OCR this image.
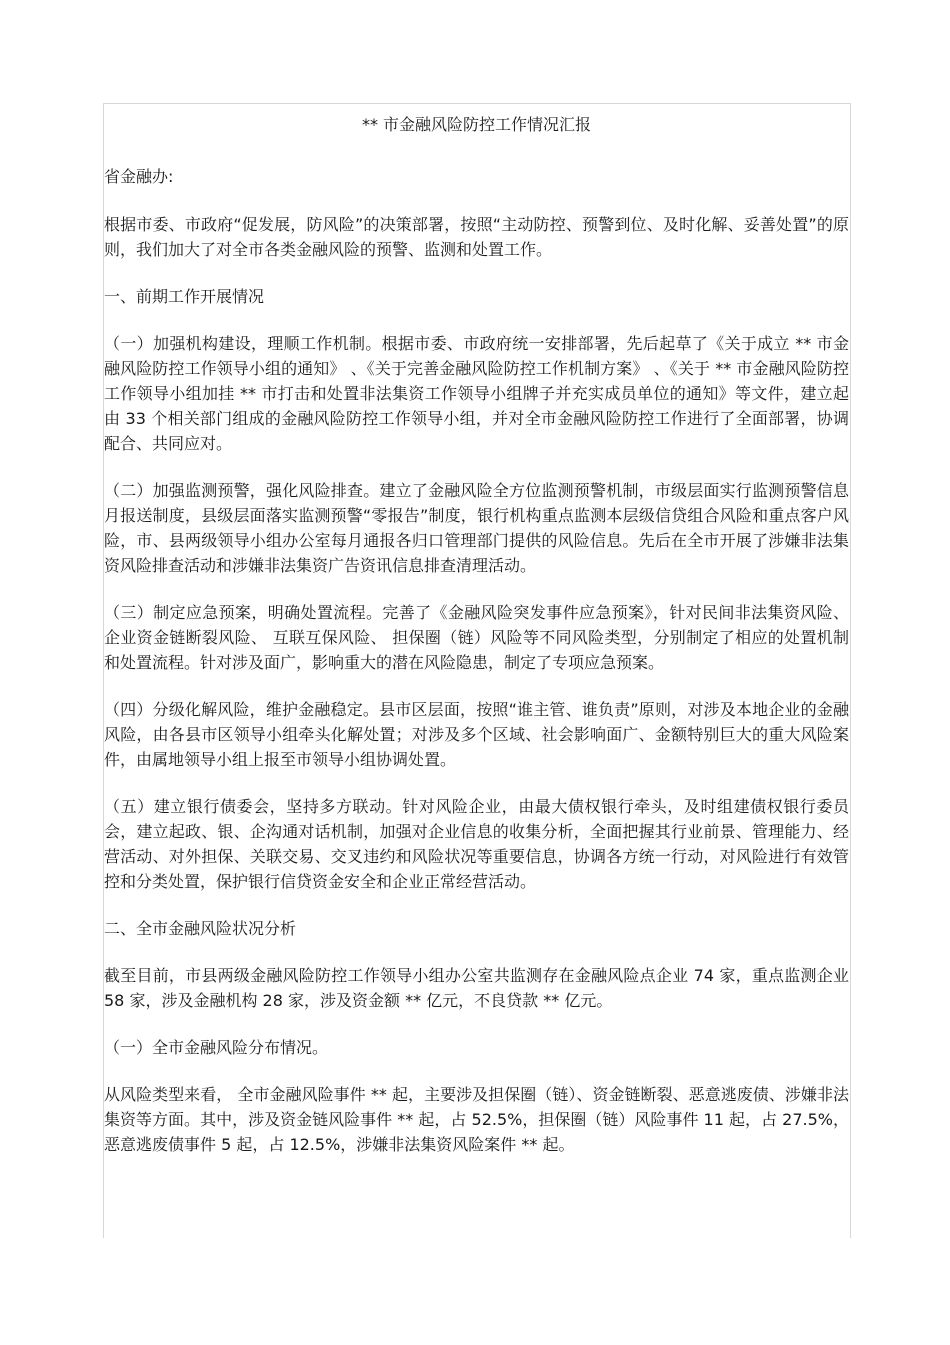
** 市金融风险防控工作情况汇报

省金融办:

根据市委、市政府“促发展，防风险”的决策部署，按照“主动防控、预警到位、及时化解、妥善处置”的原则，我们加大了对全市各类金融风险的预警、监测和处置工作。

一、前期工作开展情况

（一）加强机构建设，理顺工作机制。根据市委、市政府统一安排部署，先后起草了《关于成立 ** 市金融风险防控工作领导小组的通知》 、《关于完善金融风险防控工作机制方案》 、《关于 ** 市金融风险防控工作领导小组加挂 ** 市打击和处置非法集资工作领导小组牌子并充实成员单位的通知》等文件，建立起由 33 个相关部门组成的金融风险防控工作领导小组，并对全市金融风险防控工作进行了全面部署，协调配合、共同应对。

（二）加强监测预警，强化风险排查。建立了金融风险全方位监测预警机制，市级层面实行监测预警信息月报送制度，县级层面落实监测预警“零报告”制度，银行机构重点监测本层级信贷组合风险和重点客户风险，市、县两级领导小组办公室每月通报各归口管理部门提供的风险信息。先后在全市开展了涉嫌非法集资风险排查活动和涉嫌非法集资广告资讯信息排查清理活动。

（三）制定应急预案，明确处置流程。完善了《金融风险突发事件应急预案》，针对民间非法集资风险、 企业资金链断裂风险、 互联互保风险、 担保圈（链）风险等不同风险类型，分别制定了相应的处置机制和处置流程。针对涉及面广，影响重大的潜在风险隐患，制定了专项应急预案。

（四）分级化解风险，维护金融稳定。县市区层面，按照“谁主管、谁负责”原则，对涉及本地企业的金融风险，由各县市区领导小组牵头化解处置；对涉及多个区域、社会影响面广、金额特别巨大的重大风险案件，由属地领导小组上报至市领导小组协调处置。

（五）建立银行债委会，坚持多方联动。针对风险企业，由最大债权银行牵头，及时组建债权银行委员会，建立起政、银、企沟通对话机制，加强对企业信息的收集分析，全面把握其行业前景、管理能力、经营活动、对外担保、关联交易、交叉违约和风险状况等重要信息，协调各方统一行动，对风险进行有效管控和分类处置，保护银行信贷资金安全和企业正常经营活动。

二、全市金融风险状况分析

截至目前，市县两级金融风险防控工作领导小组办公室共监测存在金融风险点企业 74 家，重点监测企业 58 家，涉及金融机构 28 家，涉及资金额 ** 亿元，不良贷款 ** 亿元。

（一）全市金融风险分布情况。

从风险类型来看， 全市金融风险事件 ** 起，主要涉及担保圈（链）、资金链断裂、恶意逃废债、涉嫌非法集资等方面。其中，涉及资金链风险事件 ** 起，占 52.5%，担保圈（链）风险事件 11 起，占 27.5%，恶意逃废债事件 5 起，占 12.5%，涉嫌非法集资风险案件 ** 起。
